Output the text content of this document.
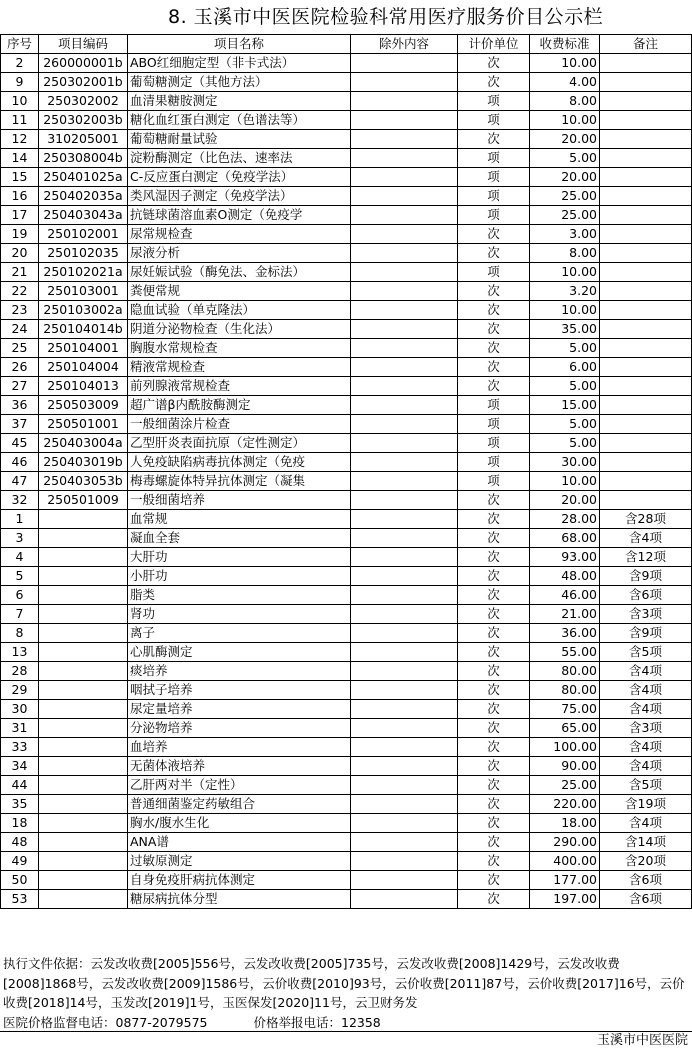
8. 玉溪市中医医院检验科常用医疗服务价目公示栏
序号	项目编码	项目名称	除外内容	计价单位	收费标准	备注
2	260000001b	ABO红细胞定型（非卡式法）		次	10.00	
9	250302001b	葡萄糖测定（其他方法）		次	4.00	
10	250302002	血清果糖胺测定		项	8.00	
11	250302003b	糖化血红蛋白测定（色谱法等）		项	10.00	
12	310205001	葡萄糖耐量试验		次	20.00	
14	250308004b	淀粉酶测定（比色法、速率法		项	5.00	
15	250401025a	C-反应蛋白测定（免疫学法）		项	20.00	
16	250402035a	类风湿因子测定（免疫学法）		项	25.00	
17	250403043a	抗链球菌溶血素O测定（免疫学		项	25.00	
19	250102001	尿常规检查		次	3.00	
20	250102035	尿液分析		次	8.00	
21	250102021a	尿妊娠试验（酶免法、金标法）		项	10.00	
22	250103001	粪便常规		次	3.20	
23	250103002a	隐血试验（单克隆法）		次	10.00	
24	250104014b	阴道分泌物检查（生化法）		次	35.00	
25	250104001	胸腹水常规检查		次	5.00	
26	250104004	精液常规检查		次	6.00	
27	250104013	前列腺液常规检查		次	5.00	
36	250503009	超广谱β内酰胺酶测定		项	15.00	
37	250501001	一般细菌涂片检查		项	5.00	
45	250403004a	乙型肝炎表面抗原（定性测定）		项	5.00	
46	250403019b	人免疫缺陷病毒抗体测定（免疫		项	30.00	
47	250403053b	梅毒螺旋体特异抗体测定（凝集		项	10.00	
32	250501009	一般细菌培养		次	20.00	
1		血常规		次	28.00	含28项
3		凝血全套		次	68.00	含4项
4		大肝功		次	93.00	含12项
5		小肝功		次	48.00	含9项
6		脂类		次	46.00	含6项
7		肾功		次	21.00	含3项
8		离子		次	36.00	含9项
13		心肌酶测定		次	55.00	含5项
28		痰培养		次	80.00	含4项
29		咽拭子培养		次	80.00	含4项
30		尿定量培养		次	75.00	含4项
31		分泌物培养		次	65.00	含3项
33		血培养		次	100.00	含4项
34		无菌体液培养		次	90.00	含4项
44		乙肝两对半（定性）		次	25.00	含5项
35		普通细菌鉴定药敏组合		次	220.00	含19项
18		胸水/腹水生化		次	18.00	含4项
48		ANA谱		次	290.00	含14项
49		过敏原测定		次	400.00	含20项
50		自身免疫肝病抗体测定		次	177.00	含6项
53		糖尿病抗体分型		次	197.00	含6项
执行文件依据：云发改收费[2005]556号，云发改收费[2005]735号，云发改收费[2008]1429号，云发改收费[2008]1868号，云发改收费[2009]1586号，云价收费[2010]93号，云价收费[2011]87号，云价收费[2017]16号，云价收费[2018]14号，玉发改[2019]1号，玉医保发[2020]11号，云卫财务发
医院价格监督电话：0877-2079575	价格举报电话：12358
玉溪市中医医院
